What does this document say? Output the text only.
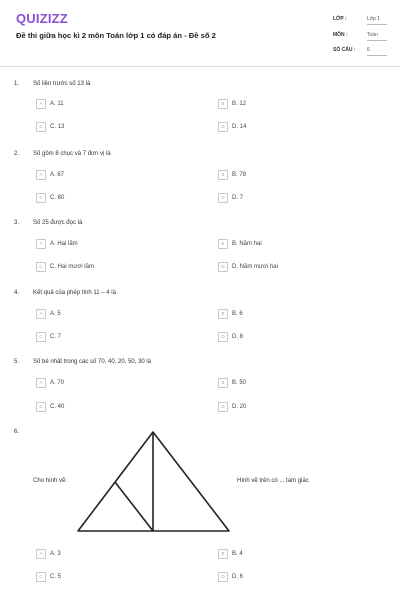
QUIZIZZ
Đề thi giữa học kì 2 môn Toán lớp 1 có đáp án - Đề số 2
LỚP :	Lớp 1
MÔN :	Toán
SỐ CÂU : 6
1. Số liền trước số 13 là
A	A. 11	B	B. 12
C	C. 13	D	D. 14
2. Số gồm 8 chục và 7 đơn vị là
A	A. 87	B	B. 78
C	C. 80	D	D. 7
3. Số 25 được đọc là
A	A. Hai lăm	B	B. Năm hai
C	C. Hai mươi lăm	D	D. Năm mươi hai
4. Kết quả của phép tính 11 – 4 là
A	A. 5	B	B. 6
C	C. 7	D	D. 8
5. Số bé nhất trong các số 70, 40, 20, 50, 30 là
A	A. 70	B	B. 50
C	C. 40	D	D. 20
6.
Cho hình vẽ:	Hình vẽ trên có ... tam giác
A	A. 3	B	B. 4
C	C. 5	D	D. 6
